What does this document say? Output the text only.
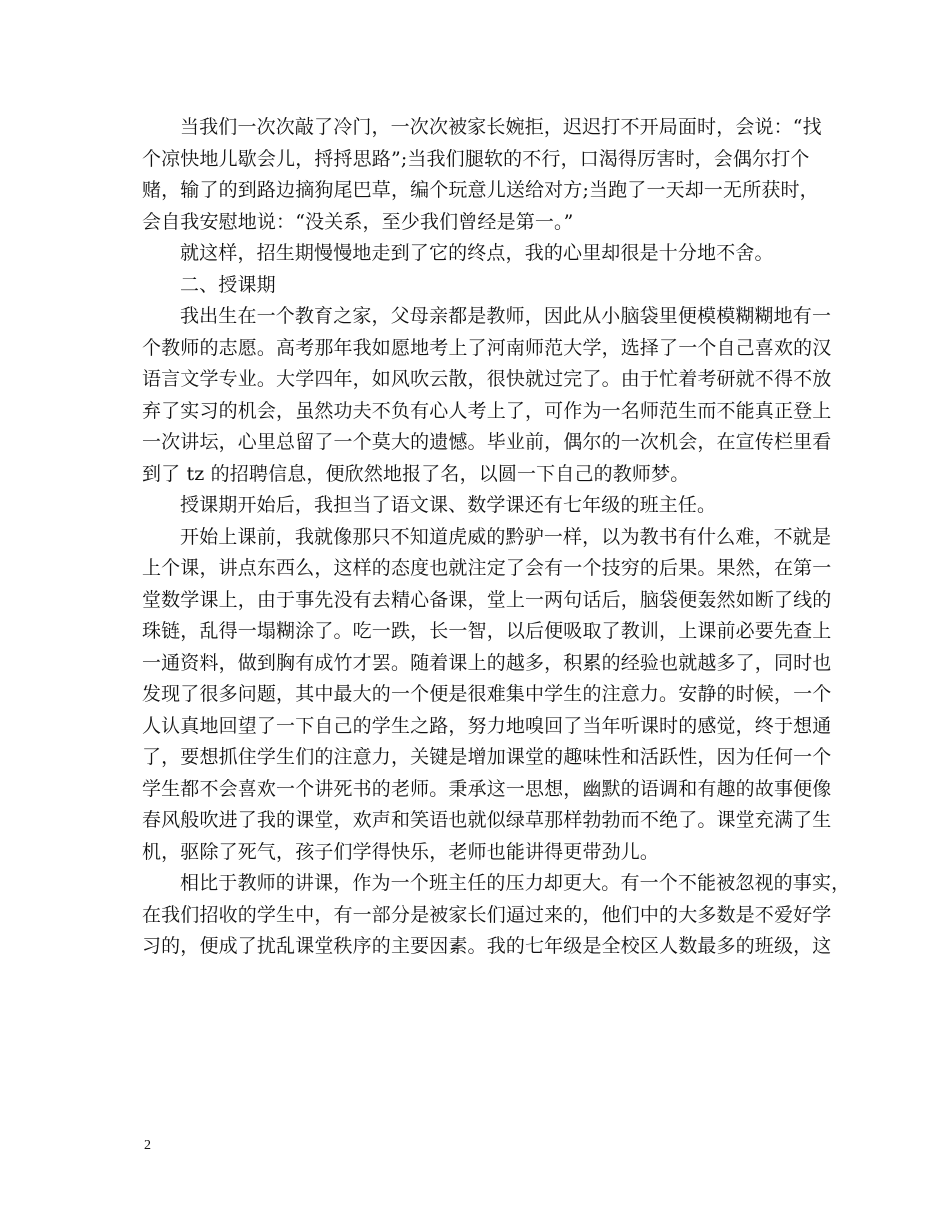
当我们一次次敲了冷门，一次次被家长婉拒，迟迟打不开局面时，会说：“找
个凉快地儿歇会儿，捋捋思路”;当我们腿软的不行，口渴得厉害时，会偶尔打个
赌，输了的到路边摘狗尾巴草，编个玩意儿送给对方;当跑了一天却一无所获时，
会自我安慰地说：“没关系，至少我们曾经是第一。”

就这样，招生期慢慢地走到了它的终点，我的心里却很是十分地不舍。

二、授课期

我出生在一个教育之家，父母亲都是教师，因此从小脑袋里便模模糊糊地有一
个教师的志愿。高考那年我如愿地考上了河南师范大学，选择了一个自己喜欢的汉
语言文学专业。大学四年，如风吹云散，很快就过完了。由于忙着考研就不得不放
弃了实习的机会，虽然功夫不负有心人考上了，可作为一名师范生而不能真正登上
一次讲坛，心里总留了一个莫大的遗憾。毕业前，偶尔的一次机会，在宣传栏里看
到了 tz 的招聘信息，便欣然地报了名，以圆一下自己的教师梦。

授课期开始后，我担当了语文课、数学课还有七年级的班主任。

开始上课前，我就像那只不知道虎威的黔驴一样，以为教书有什么难，不就是
上个课，讲点东西么，这样的态度也就注定了会有一个技穷的后果。果然，在第一
堂数学课上，由于事先没有去精心备课，堂上一两句话后，脑袋便轰然如断了线的
珠链，乱得一塌糊涂了。吃一跌，长一智，以后便吸取了教训，上课前必要先查上
一通资料，做到胸有成竹才罢。随着课上的越多，积累的经验也就越多了，同时也
发现了很多问题，其中最大的一个便是很难集中学生的注意力。安静的时候，一个
人认真地回望了一下自己的学生之路，努力地嗅回了当年听课时的感觉，终于想通
了，要想抓住学生们的注意力，关键是增加课堂的趣味性和活跃性，因为任何一个
学生都不会喜欢一个讲死书的老师。秉承这一思想，幽默的语调和有趣的故事便像
春风般吹进了我的课堂，欢声和笑语也就似绿草那样勃勃而不绝了。课堂充满了生
机，驱除了死气，孩子们学得快乐，老师也能讲得更带劲儿。

相比于教师的讲课，作为一个班主任的压力却更大。有一个不能被忽视的事实，
在我们招收的学生中，有一部分是被家长们逼过来的，他们中的大多数是不爱好学
习的，便成了扰乱课堂秩序的主要因素。我的七年级是全校区人数最多的班级，这

2
